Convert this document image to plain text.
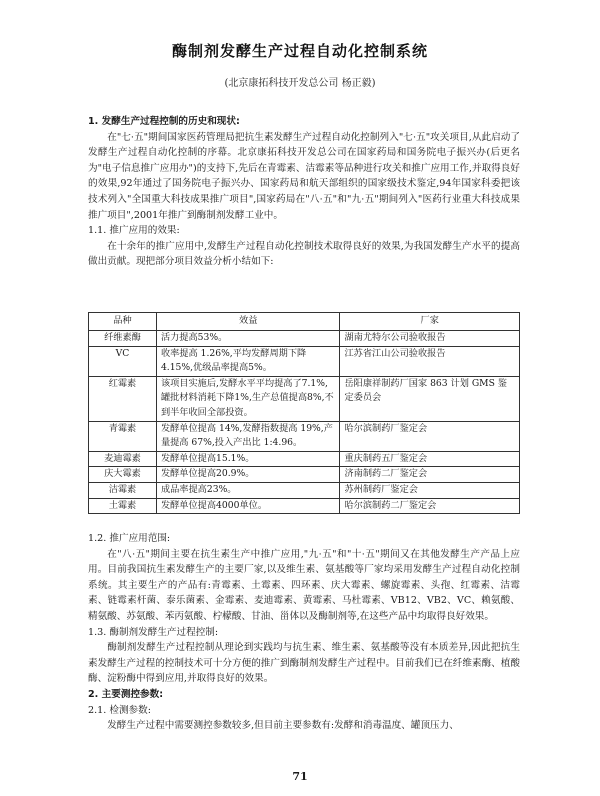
酶制剂发酵生产过程自动化控制系统
(北京康拓科技开发总公司 杨正毅)
1. 发酵生产过程控制的历史和现状:
在"七·五"期间国家医药管理局把抗生素发酵生产过程自动化控制列入"七·五"攻关项目,从此启动了发酵生产过程自动化控制的序幕。北京康拓科技开发总公司在国家药局和国务院电子振兴办(后更名为"电子信息推广应用办")的支持下,先后在青霉素、洁霉素等品种进行攻关和推广应用工作,并取得良好的效果,92年通过了国务院电子振兴办、国家药局和航天部组织的国家级技术鉴定,94年国家科委把该技术列入"全国重大科技成果推广项目",国家药局在"八·五"和"九·五"期间列入"医药行业重大科技成果推广项目",2001年推广到酶制剂发酵工业中。
1.1. 推广应用的效果:
在十余年的推广应用中,发酵生产过程自动化控制技术取得良好的效果,为我国发酵生产水平的提高做出贡献。现把部分项目效益分析小结如下:
品种	效益	厂家
纤维素酶	活力提高53%。	湖南尤特尔公司验收报告
VC	收率提高 1.26%,平均发酵周期下降 4.15%,优级品率提高5%。	江苏省江山公司验收报告
红霉素	该项目实施后,发酵水平平均提高了7.1%,罐批材料消耗下降1%,生产总值提高8%,不到半年收回全部投资。	岳阳康祥制药厂国家 863 计划 GMS 鉴定委员会
青霉素	发酵单位提高 14%,发酵指数提高 19%,产量提高 67%,投入产出比 1:4.96。	哈尔滨制药厂鉴定会
麦迪霉素	发酵单位提高15.1%。	重庆制药五厂鉴定会
庆大霉素	发酵单位提高20.9%。	济南制药二厂鉴定会
洁霉素	成品率提高23%。	苏州制药厂鉴定会
土霉素	发酵单位提高4000单位。	哈尔滨制药二厂鉴定会
1.2. 推广应用范围:
在"八·五"期间主要在抗生素生产中推广应用,"九·五"和"十·五"期间又在其他发酵生产产品上应用。目前我国抗生素发酵生产的主要厂家,以及维生素、氨基酸等厂家均采用发酵生产过程自动化控制系统。其主要生产的产品有:青霉素、土霉素、四环素、庆大霉素、螺旋霉素、头孢、红霉素、洁霉素、链霉素杆菌、泰乐菌素、金霉素、麦迪霉素、黄霉素、马杜霉素、VB12、VB2、VC、赖氨酸、精氨酸、苏氨酸、苯丙氨酸、柠檬酸、甘油、甾体以及酶制剂等,在这些产品中均取得良好效果。
1.3. 酶制剂发酵生产过程控制:
酶制剂发酵生产过程控制从理论到实践均与抗生素、维生素、氨基酸等没有本质差异,因此把抗生素发酵生产过程的控制技术可十分方便的推广到酶制剂发酵生产过程中。目前我们已在纤维素酶、植酸酶、淀粉酶中得到应用,并取得良好的效果。
2. 主要测控参数:
2.1. 检测参数:
发酵生产过程中需要测控参数较多,但目前主要参数有:发酵和消毒温度、罐顶压力、
71
